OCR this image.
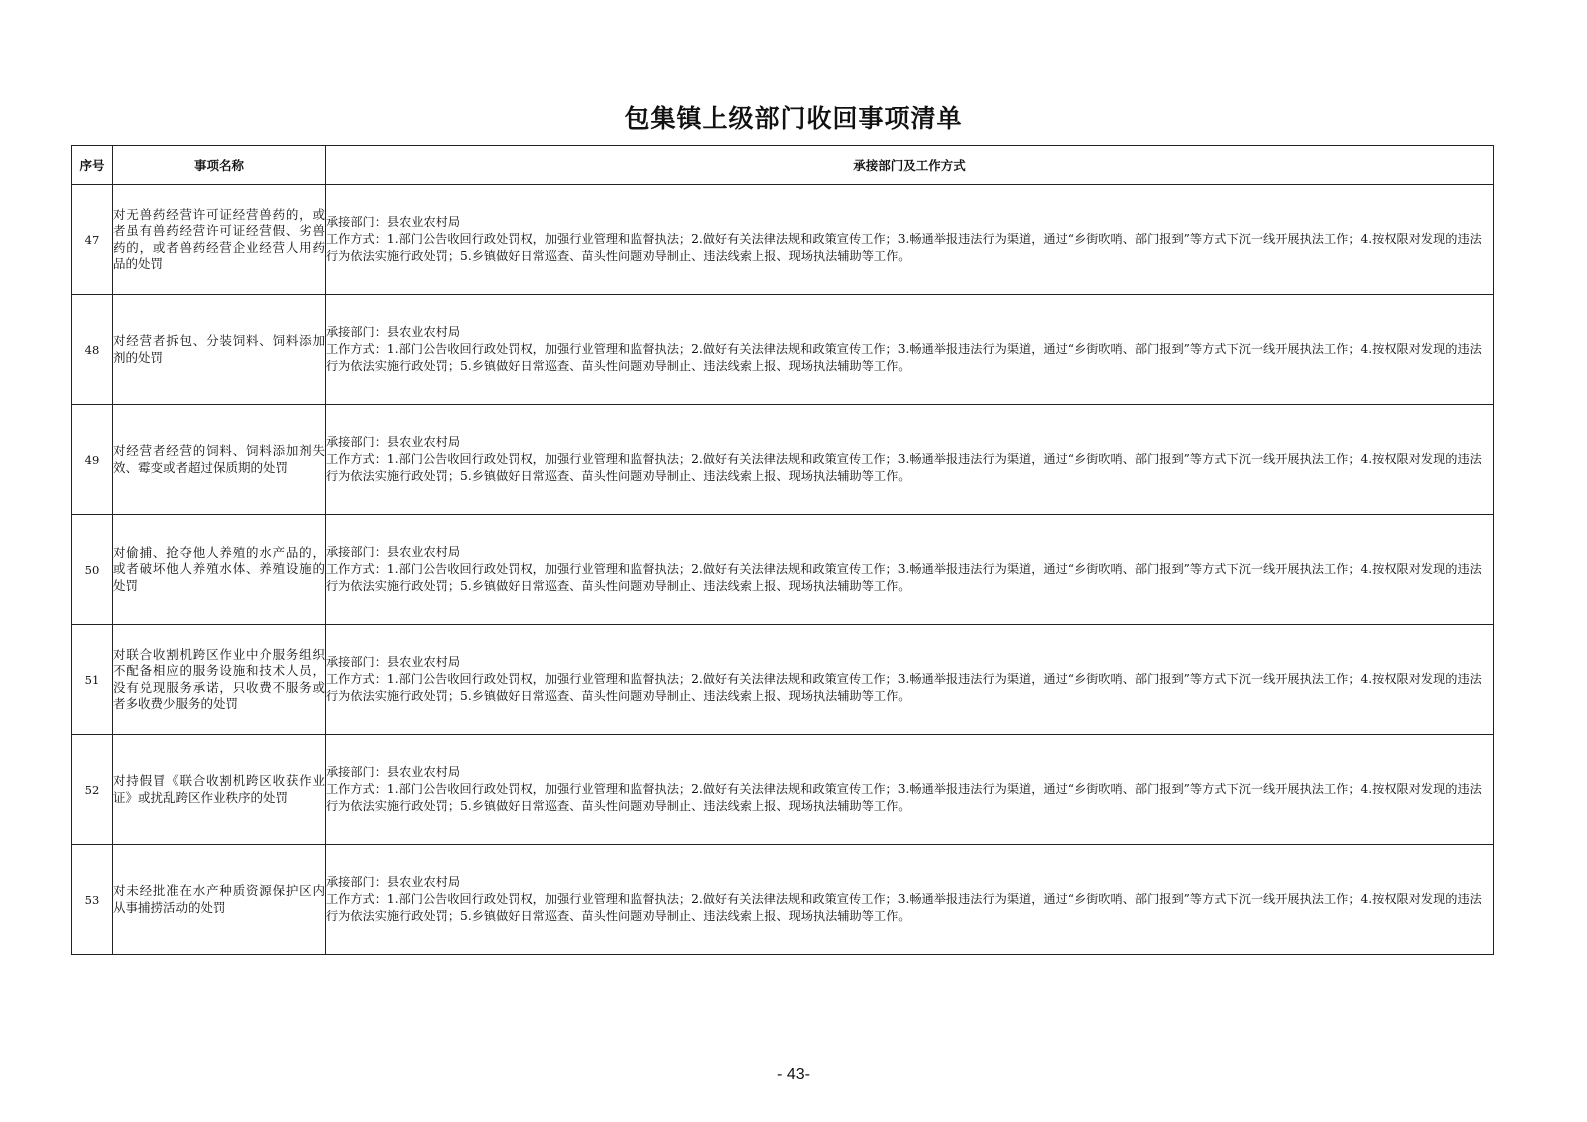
包集镇上级部门收回事项清单
序号	事项名称	承接部门及工作方式
47	对无兽药经营许可证经营兽药的，或者虽有兽药经营许可证经营假、劣兽药的，或者兽药经营企业经营人用药品的处罚	承接部门：县农业农村局
工作方式：1.部门公告收回行政处罚权，加强行业管理和监督执法；2.做好有关法律法规和政策宣传工作；3.畅通举报违法行为渠道，通过“乡街吹哨、部门报到”等方式下沉一线开展执法工作；4.按权限对发现的违法行为依法实施行政处罚；5.乡镇做好日常巡查、苗头性问题劝导制止、违法线索上报、现场执法辅助等工作。

48	对经营者拆包、分装饲料、饲料添加剂的处罚	承接部门：县农业农村局
工作方式：1.部门公告收回行政处罚权，加强行业管理和监督执法；2.做好有关法律法规和政策宣传工作；3.畅通举报违法行为渠道，通过“乡街吹哨、部门报到”等方式下沉一线开展执法工作；4.按权限对发现的违法行为依法实施行政处罚；5.乡镇做好日常巡查、苗头性问题劝导制止、违法线索上报、现场执法辅助等工作。

49	对经营者经营的饲料、饲料添加剂失效、霉变或者超过保质期的处罚	承接部门：县农业农村局
工作方式：1.部门公告收回行政处罚权，加强行业管理和监督执法；2.做好有关法律法规和政策宣传工作；3.畅通举报违法行为渠道，通过“乡街吹哨、部门报到”等方式下沉一线开展执法工作；4.按权限对发现的违法行为依法实施行政处罚；5.乡镇做好日常巡查、苗头性问题劝导制止、违法线索上报、现场执法辅助等工作。

50	对偷捕、抢夺他人养殖的水产品的，或者破坏他人养殖水体、养殖设施的处罚	承接部门：县农业农村局
工作方式：1.部门公告收回行政处罚权，加强行业管理和监督执法；2.做好有关法律法规和政策宣传工作；3.畅通举报违法行为渠道，通过“乡街吹哨、部门报到”等方式下沉一线开展执法工作；4.按权限对发现的违法行为依法实施行政处罚；5.乡镇做好日常巡查、苗头性问题劝导制止、违法线索上报、现场执法辅助等工作。

51	对联合收割机跨区作业中介服务组织不配备相应的服务设施和技术人员，没有兑现服务承诺，只收费不服务或者多收费少服务的处罚	承接部门：县农业农村局
工作方式：1.部门公告收回行政处罚权，加强行业管理和监督执法；2.做好有关法律法规和政策宣传工作；3.畅通举报违法行为渠道，通过“乡街吹哨、部门报到”等方式下沉一线开展执法工作；4.按权限对发现的违法行为依法实施行政处罚；5.乡镇做好日常巡查、苗头性问题劝导制止、违法线索上报、现场执法辅助等工作。

52	对持假冒《联合收割机跨区收获作业证》或扰乱跨区作业秩序的处罚	承接部门：县农业农村局
工作方式：1.部门公告收回行政处罚权，加强行业管理和监督执法；2.做好有关法律法规和政策宣传工作；3.畅通举报违法行为渠道，通过“乡街吹哨、部门报到”等方式下沉一线开展执法工作；4.按权限对发现的违法行为依法实施行政处罚；5.乡镇做好日常巡查、苗头性问题劝导制止、违法线索上报、现场执法辅助等工作。

53	对未经批准在水产种质资源保护区内从事捕捞活动的处罚	承接部门：县农业农村局
工作方式：1.部门公告收回行政处罚权，加强行业管理和监督执法；2.做好有关法律法规和政策宣传工作；3.畅通举报违法行为渠道，通过“乡街吹哨、部门报到”等方式下沉一线开展执法工作；4.按权限对发现的违法行为依法实施行政处罚；5.乡镇做好日常巡查、苗头性问题劝导制止、违法线索上报、现场执法辅助等工作。
- 43-
